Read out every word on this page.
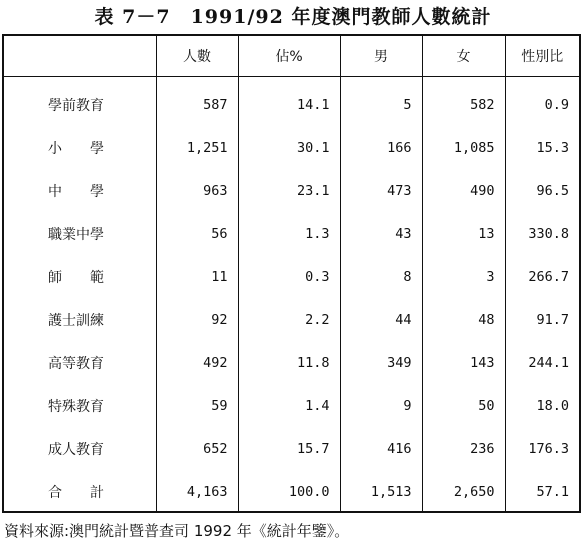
表 7－7　1991/92 年度澳門教師人數統計
	人數	佔%	男	女	性別比
學前教育	587	14.1	5	582	0.9
小　　學	1,251	30.1	166	1,085	15.3
中　　學	963	23.1	473	490	96.5
職業中學	56	1.3	43	13	330.8
師　　範	11	0.3	8	3	266.7
護士訓練	92	2.2	44	48	91.7
高等教育	492	11.8	349	143	244.1
特殊教育	59	1.4	9	50	18.0
成人教育	652	15.7	416	236	176.3
合　　計	4,163	100.0	1,513	2,650	57.1
資料來源:澳門統計暨普查司 1992 年《統計年鑒》。
